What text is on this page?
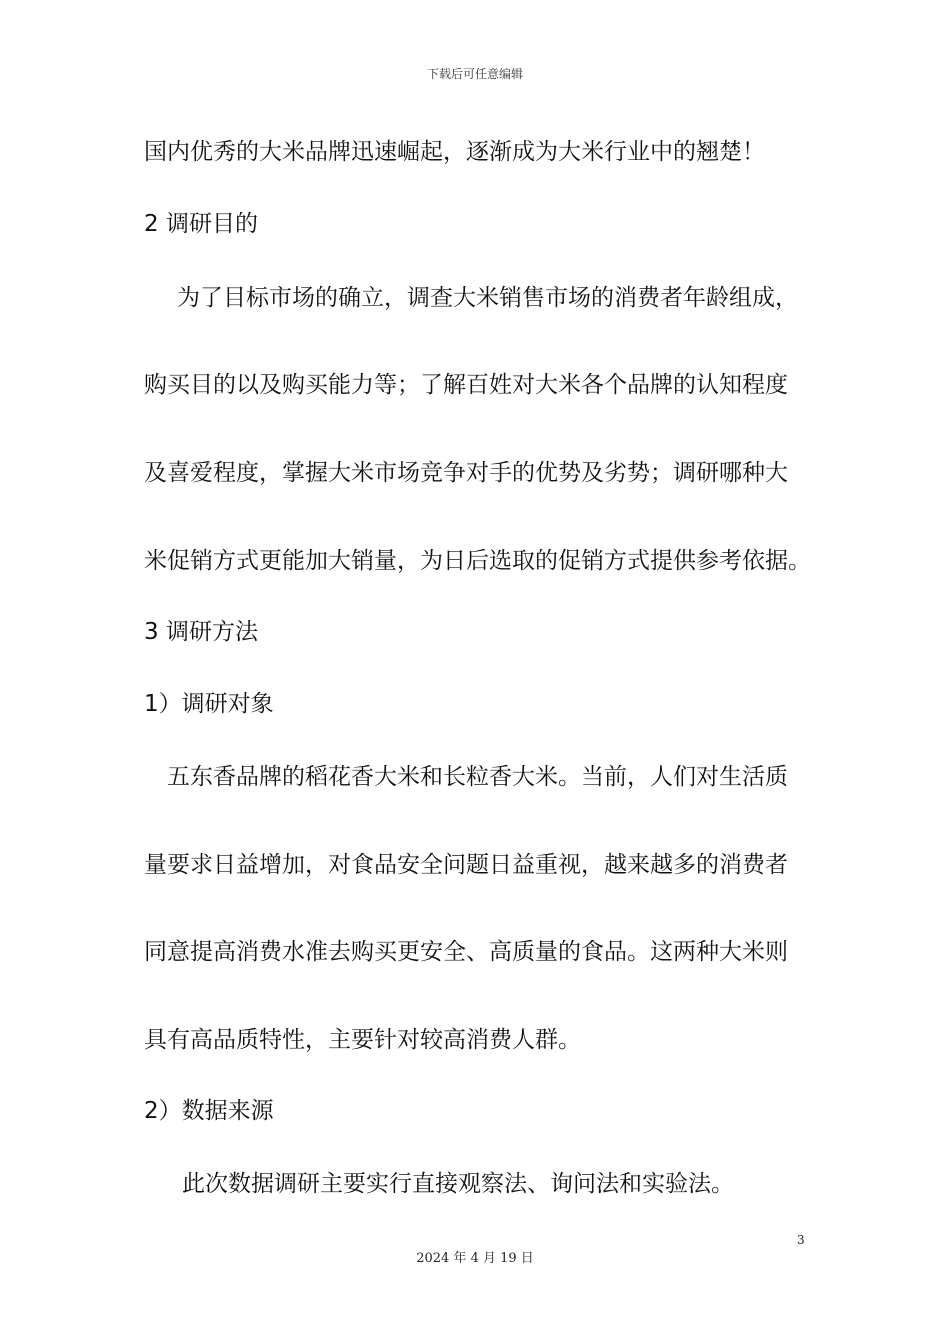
下载后可任意编辑
国内优秀的大米品牌迅速崛起，逐渐成为大米行业中的翘楚！
2 调研目的
为了目标市场的确立，调查大米销售市场的消费者年龄组成，
购买目的以及购买能力等；了解百姓对大米各个品牌的认知程度
及喜爱程度，掌握大米市场竞争对手的优势及劣势；调研哪种大
米促销方式更能加大销量，为日后选取的促销方式提供参考依据。
3 调研方法
1）调研对象
五东香品牌的稻花香大米和长粒香大米。当前，人们对生活质
量要求日益增加，对食品安全问题日益重视，越来越多的消费者
同意提高消费水准去购买更安全、高质量的食品。这两种大米则
具有高品质特性，主要针对较高消费人群。
2）数据来源
此次数据调研主要实行直接观察法、询问法和实验法。
3
2024 年 4 月 19 日
